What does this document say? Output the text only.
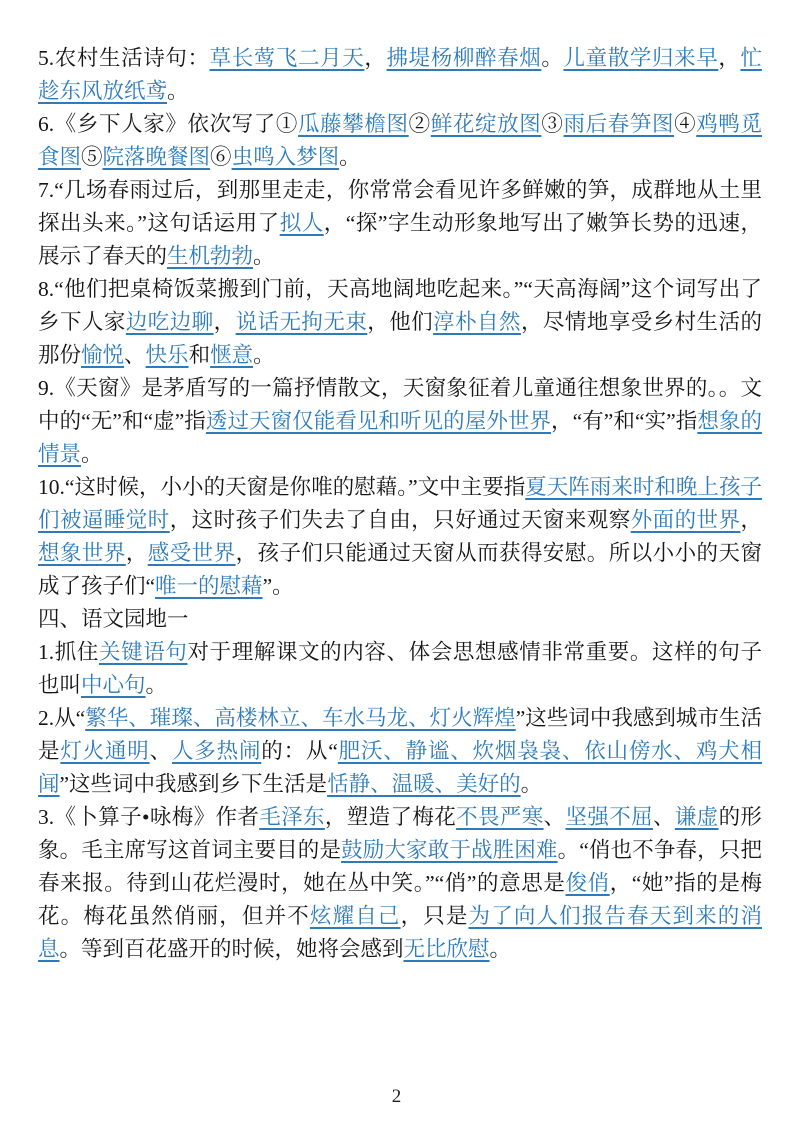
5.农村生活诗句：草长莺飞二月天，拂堤杨柳醉春烟。儿童散学归来早，忙趁东风放纸鸢。

6.《乡下人家》依次写了①瓜藤攀檐图②鲜花绽放图③雨后春笋图④鸡鸭觅食图⑤院落晚餐图⑥虫鸣入梦图。

7.“几场春雨过后，到那里走走，你常常会看见许多鲜嫩的笋，成群地从土里探出头来。”这句话运用了拟人，“探”字生动形象地写出了嫩笋长势的迅速，展示了春天的生机勃勃。

8.“他们把桌椅饭菜搬到门前，天高地阔地吃起来。”“天高海阔”这个词写出了乡下人家边吃边聊，说话无拘无束，他们淳朴自然，尽情地享受乡村生活的那份愉悦、快乐和惬意。

9.《天窗》是茅盾写的一篇抒情散文，天窗象征着儿童通往想象世界的。。文中的“无”和“虚”指透过天窗仅能看见和听见的屋外世界，“有”和“实”指想象的情景。

10.“这时候，小小的天窗是你唯的慰藉。”文中主要指夏天阵雨来时和晚上孩子们被逼睡觉时，这时孩子们失去了自由，只好通过天窗来观察外面的世界，想象世界，感受世界，孩子们只能通过天窗从而获得安慰。所以小小的天窗成了孩子们“唯一的慰藉”。

四、语文园地一

1.抓住关键语句对于理解课文的内容、体会思想感情非常重要。这样的句子也叫中心句。

2.从“繁华、璀璨、高楼林立、车水马龙、灯火辉煌”这些词中我感到城市生活是灯火通明、人多热闹的：从“肥沃、静谧、炊烟袅袅、依山傍水、鸡犬相闻”这些词中我感到乡下生活是恬静、温暖、美好的。

3.《卜算子•咏梅》作者毛泽东，塑造了梅花不畏严寒、坚强不屈、谦虚的形象。毛主席写这首词主要目的是鼓励大家敢于战胜困难。“俏也不争春，只把春来报。待到山花烂漫时，她在丛中笑。”“俏”的意思是俊俏，“她”指的是梅花。梅花虽然俏丽，但并不炫耀自己，只是为了向人们报告春天到来的消息。等到百花盛开的时候，她将会感到无比欣慰。

2
